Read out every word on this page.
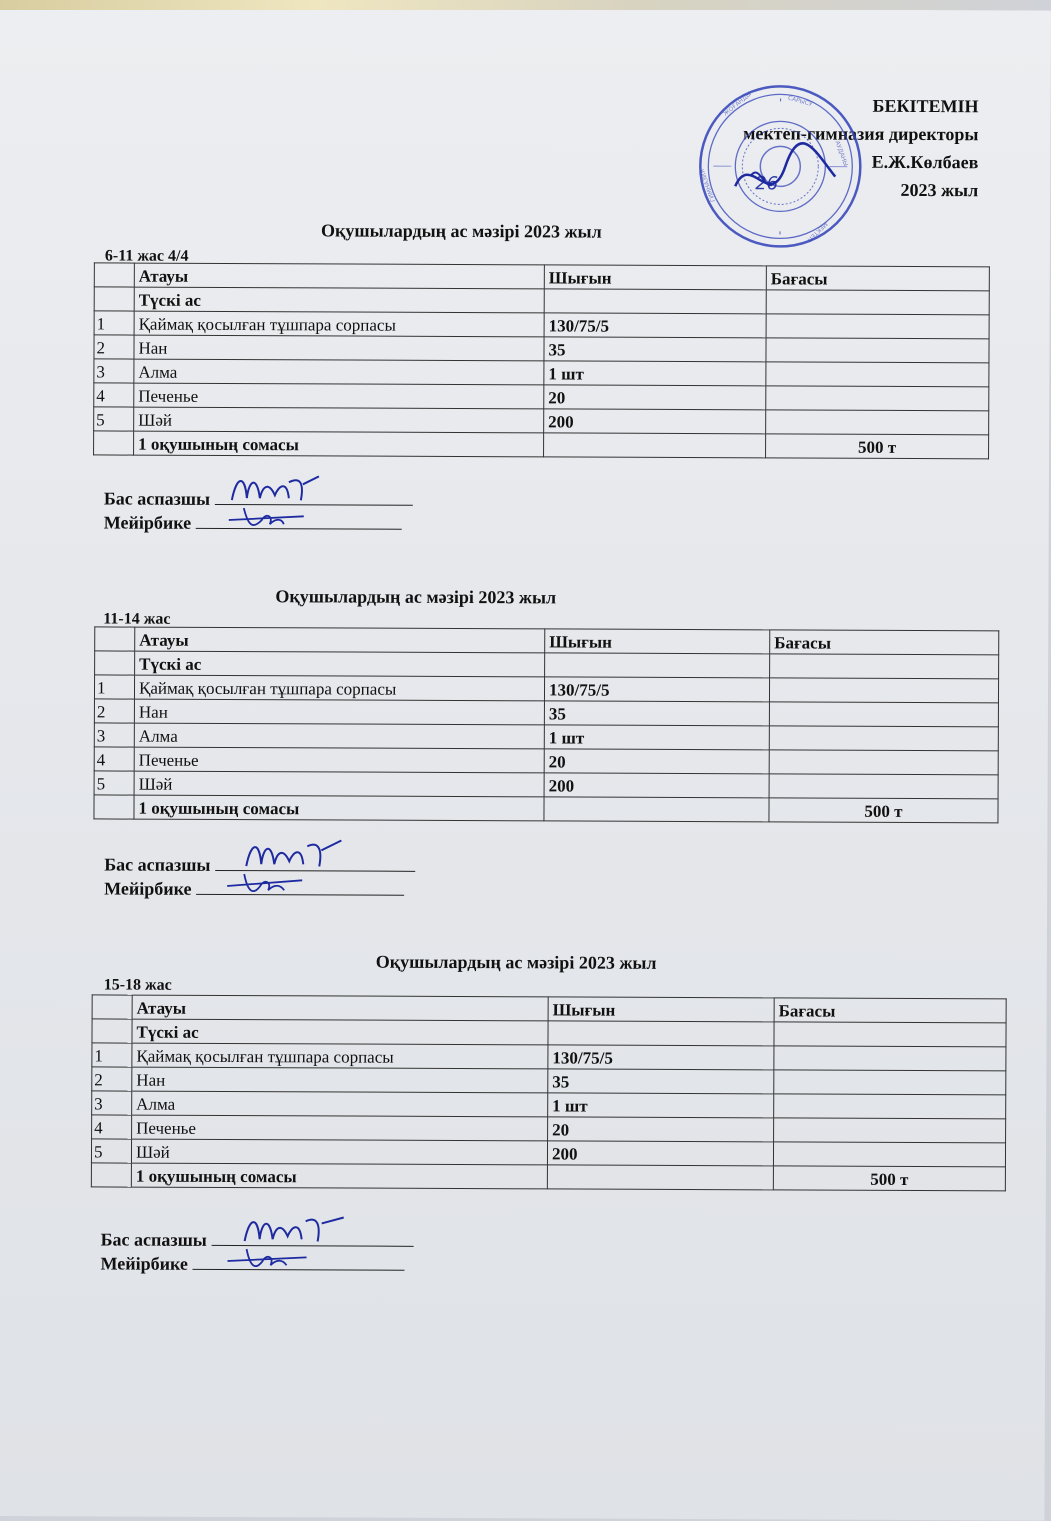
БЕКІТЕМІН
мектеп-гимназия директоры
Е.Ж.Көлбаев
2023 жыл
26
ЖОҒАНДЫ	САРЫСУ
АУДАНЫ
МЕКТЕП
ГИМНАЗИЯ
Оқушылардың ас мәзірі 2023 жыл
6-11 жас 4/4
	Атауы	Шығын	Бағасы
	Түскі ас		
1	Қаймақ қосылған тұшпара сорпасы	130/75/5	
2	Нан	35	
3	Алма	1 шт	
4	Печенье	20	
5	Шәй	200	
	1 оқушының сомасы		500 т
Бас аспазшы
Мейірбике
Оқушылардың ас мәзірі 2023 жыл
11-14 жас
	Атауы	Шығын	Бағасы
	Түскі ас		
1	Қаймақ қосылған тұшпара сорпасы	130/75/5	
2	Нан	35	
3	Алма	1 шт	
4	Печенье	20	
5	Шәй	200	
	1 оқушының сомасы		500 т
Бас аспазшы
Мейірбике
Оқушылардың ас мәзірі 2023 жыл
15-18 жас
	Атауы	Шығын	Бағасы
	Түскі ас		
1	Қаймақ қосылған тұшпара сорпасы	130/75/5	
2	Нан	35	
3	Алма	1 шт	
4	Печенье	20	
5	Шәй	200	
	1 оқушының сомасы		500 т
Бас аспазшы
Мейірбике
